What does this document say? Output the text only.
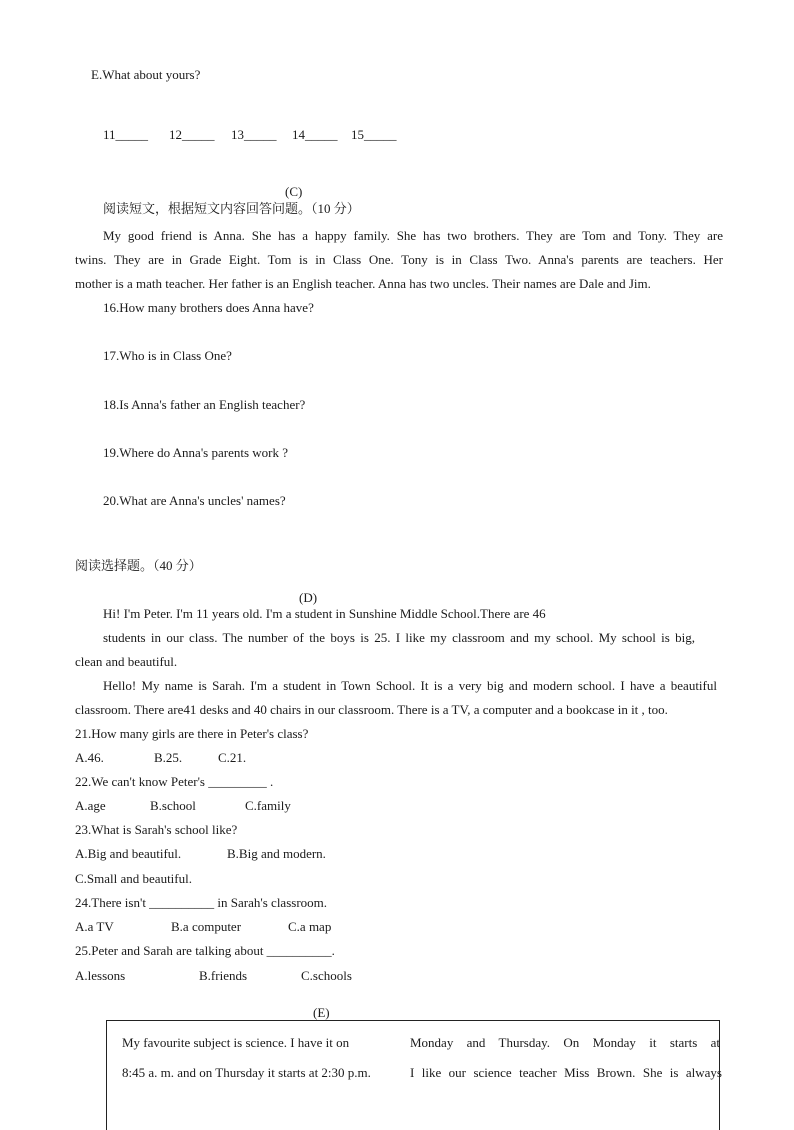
E.What about yours?
11_____ 12_____ 13_____ 14_____ 15_____
(C)
阅读短文，根据短文内容回答问题。（10 分）
My good friend is Anna. She has a happy family. She has two brothers. They are Tom and Tony. They are
twins. They are in Grade Eight. Tom is in Class One. Tony is in Class Two. Anna's parents are teachers. Her
mother is a math teacher. Her father is an English teacher. Anna has two uncles. Their names are Dale and Jim.
16.How many brothers does Anna have?
17.Who is in Class One?
18.Is Anna's father an English teacher?
19.Where do Anna's parents work ?
20.What are Anna's uncles' names?
阅读选择题。（40 分）
(D)
Hi! I'm Peter. I'm 11 years old. I'm a student in Sunshine Middle School.There are 46
students in our class. The number of the boys is 25. I like my classroom and my school. My school is big,
clean and beautiful.
Hello! My name is Sarah. I'm a student in Town School. It is a very big and modern school. I have a beautiful
classroom. There are41 desks and 40 chairs in our classroom. There is a TV, a computer and a bookcase in it , too.
21.How many girls are there in Peter's class?
A.46.	B.25.	C.21.
22.We can't know Peter's _________ .
A.age	B.school	C.family
23.What is Sarah's school like?
A.Big and beautiful.	B.Big and modern.
C.Small and beautiful.
24.There isn't __________ in Sarah's classroom.
A.a TV	B.a computer	C.a map
25.Peter and Sarah are talking about __________.
A.lessons	B.friends	C.schools
(E)
My favourite subject is science. I have it on
8:45 a. m. and on Thursday it starts at 2:30 p.m.
Monday and Thursday. On Monday it starts at
I like our science teacher Miss Brown. She is always
